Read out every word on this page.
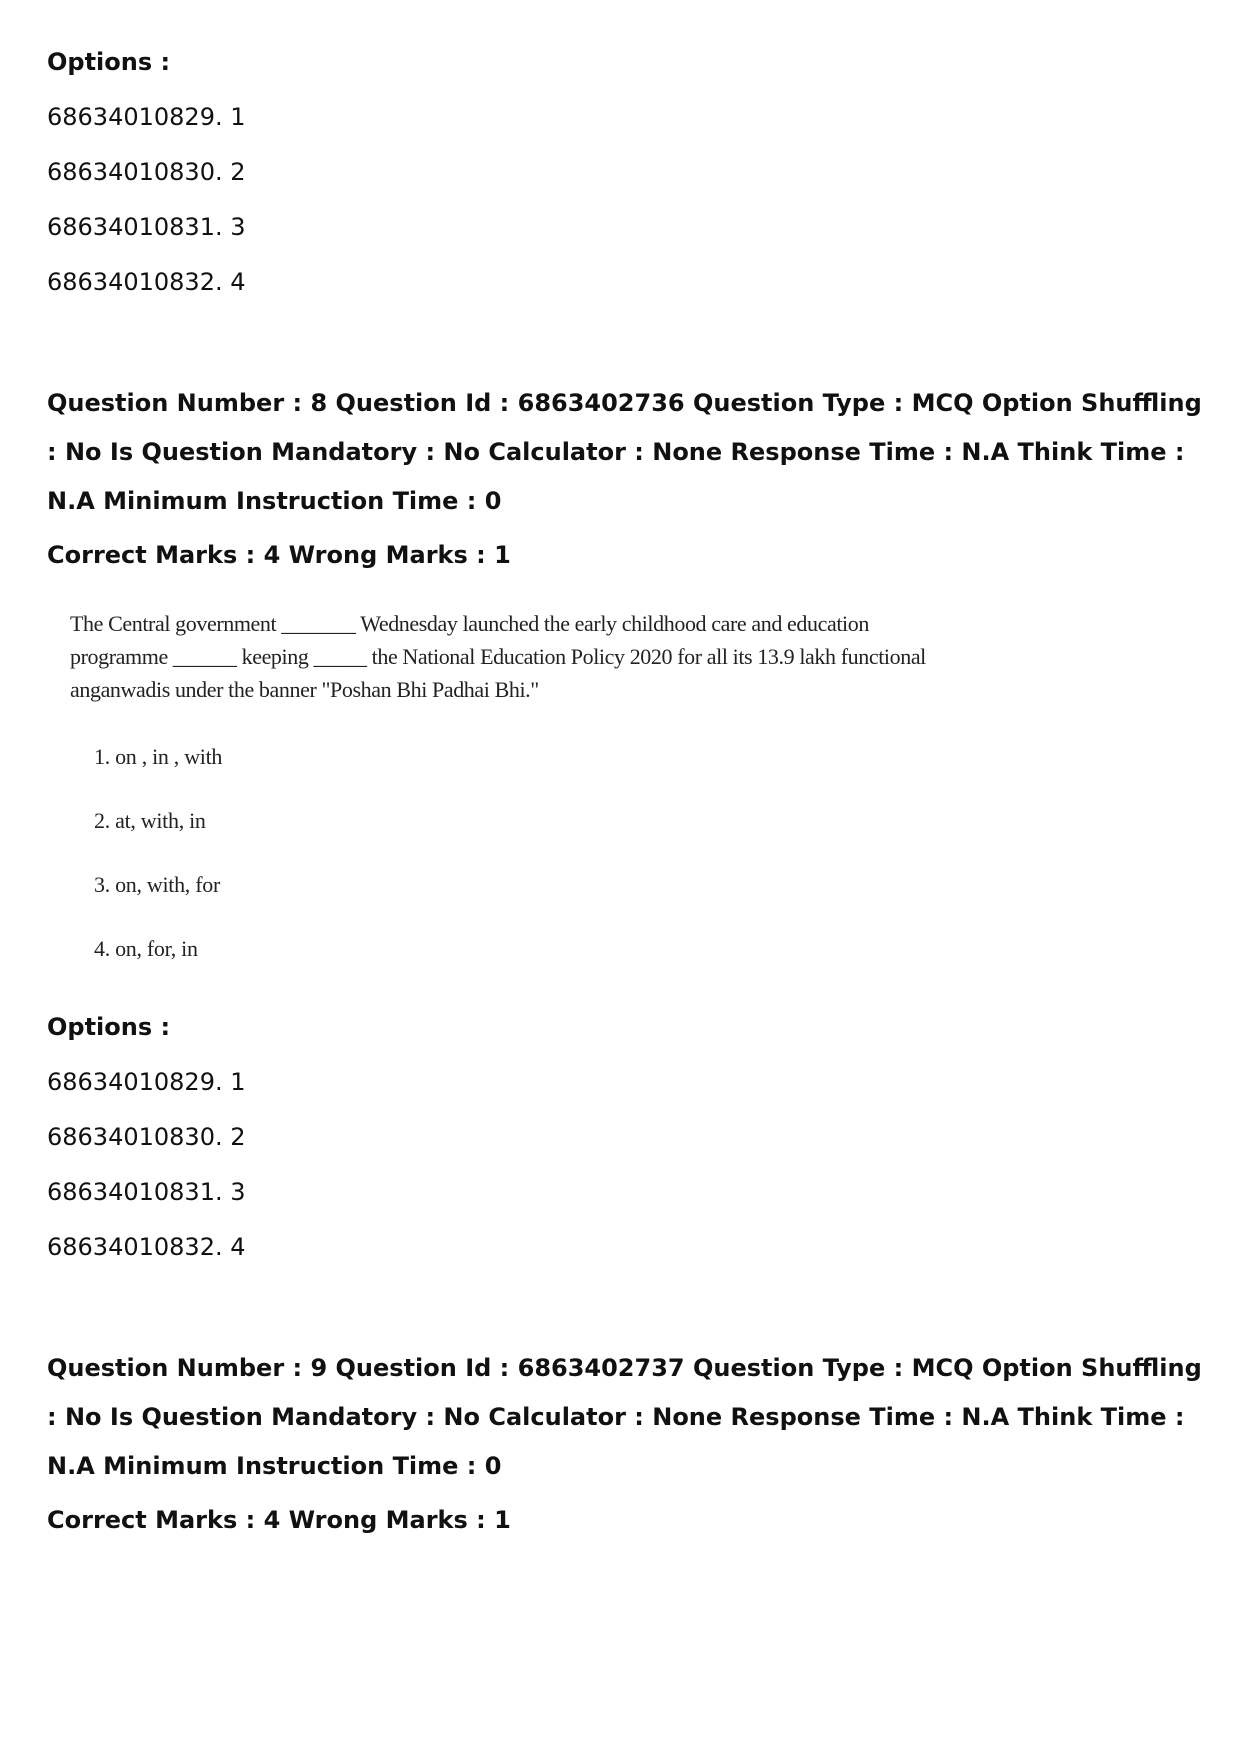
Options :
68634010829. 1
68634010830. 2
68634010831. 3
68634010832. 4
Question Number : 8 Question Id : 6863402736 Question Type : MCQ Option Shuffling : No Is Question Mandatory : No Calculator : None Response Time : N.A Think Time : N.A Minimum Instruction Time : 0
Correct Marks : 4 Wrong Marks : 1
The Central government _______ Wednesday launched the early childhood care and education programme ______ keeping _____ the National Education Policy 2020 for all its 13.9 lakh functional anganwadis under the banner "Poshan Bhi Padhai Bhi."
1. on , in , with
2. at, with, in
3. on, with, for
4. on, for, in
Options :
68634010829. 1
68634010830. 2
68634010831. 3
68634010832. 4
Question Number : 9 Question Id : 6863402737 Question Type : MCQ Option Shuffling : No Is Question Mandatory : No Calculator : None Response Time : N.A Think Time : N.A Minimum Instruction Time : 0
Correct Marks : 4 Wrong Marks : 1
